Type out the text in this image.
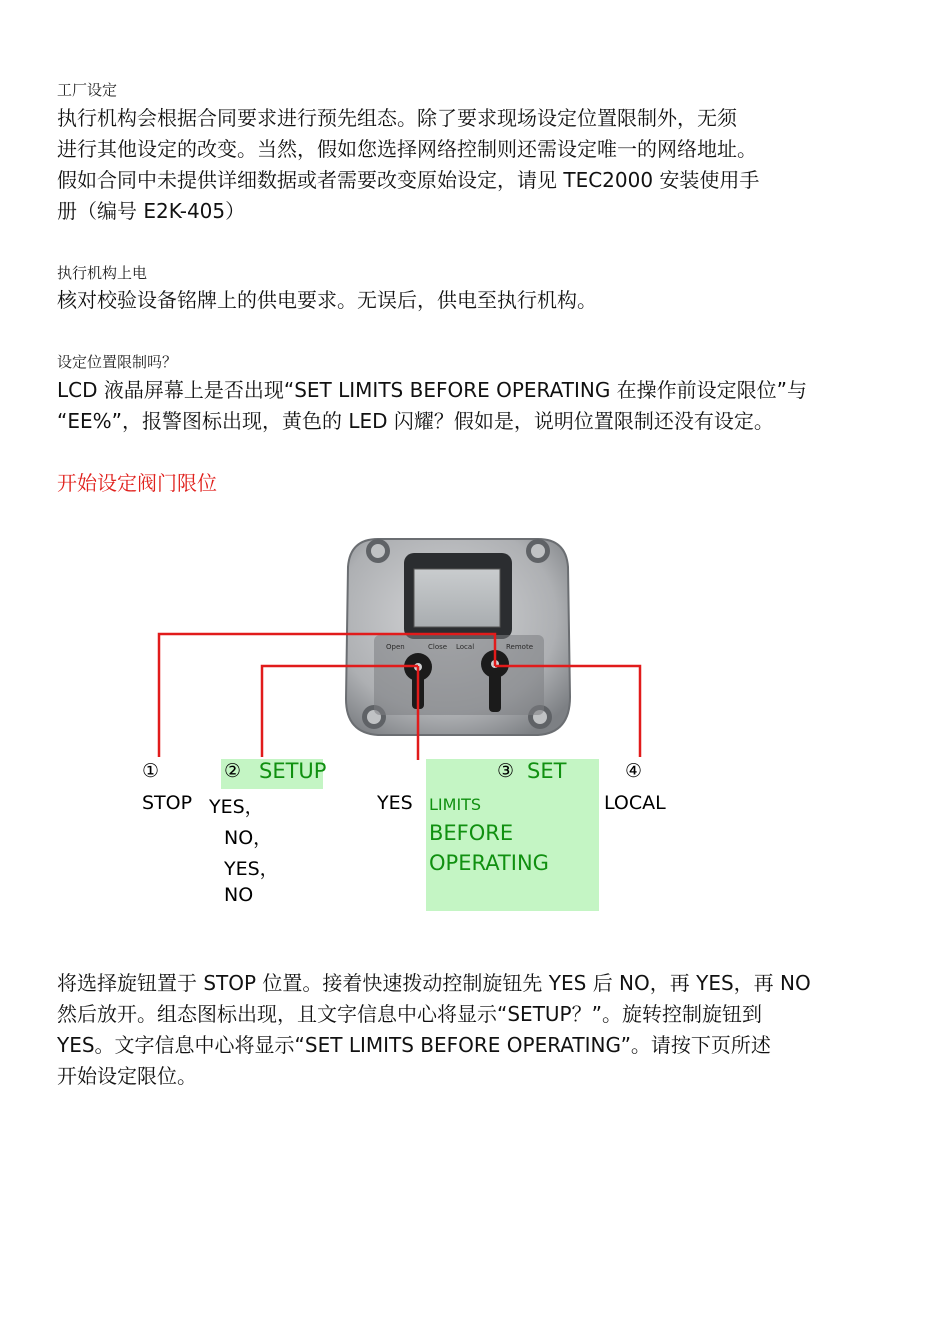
工厂设定
执行机构会根据合同要求进行预先组态。除了要求现场设定位置限制外，无须
进行其他设定的改变。当然，假如您选择网络控制则还需设定唯一的网络地址。
假如合同中未提供详细数据或者需要改变原始设定，请见 TEC2000 安装使用手
册（编号 E2K-405）
执行机构上电
核对校验设备铭牌上的供电要求。无误后，供电至执行机构。
设定位置限制吗？
LCD 液晶屏幕上是否出现“SET LIMITS BEFORE OPERATING 在操作前设定限位”与
“EE%”，报警图标出现，黄色的 LED 闪耀？假如是，说明位置限制还没有设定。
开始设定阀门限位
Open	Close Local	Remote
①
STOP
② SETUP
YES，
NO，
YES，
NO
YES
③ SET
LIMITS
BEFORE
OPERATING
④
LOCAL
将选择旋钮置于 STOP 位置。接着快速拨动控制旋钮先 YES 后 NO，再 YES，再 NO
然后放开。组态图标出现，且文字信息中心将显示“SETUP？”。旋转控制旋钮到
YES。文字信息中心将显示“SET LIMITS BEFORE OPERATING”。请按下页所述
开始设定限位。
